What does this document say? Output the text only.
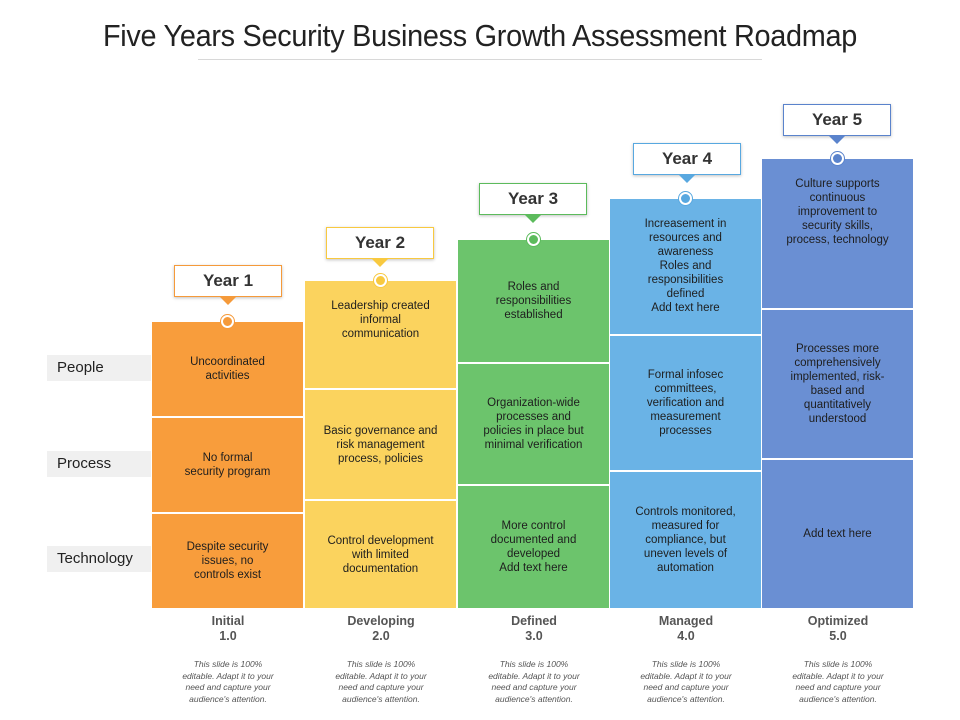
Five Years Security Business Growth Assessment Roadmap
People
Process
Technology
Uncoordinated
activities
No formal
security program
Despite security
issues, no
controls exist
Year 1
Initial
1.0
This slide is 100%
editable. Adapt it to your
need and capture your
audience's attention.
Leadership created
informal
communication
Basic governance and
risk management
process, policies
Control development
with limited
documentation
Year 2
Developing
2.0
This slide is 100%
editable. Adapt it to your
need and capture your
audience's attention.
Roles and
responsibilities
established
Organization-wide
processes and
policies in place but
minimal verification
More control
documented and
developed
Add text here
Year 3
Defined
3.0
This slide is 100%
editable. Adapt it to your
need and capture your
audience's attention.
Increasement in
resources and
awareness
Roles and
responsibilities
defined
Add text here
Formal infosec
committees,
verification and
measurement
processes
Controls monitored,
measured for
compliance, but
uneven levels of
automation
Year 4
Managed
4.0
This slide is 100%
editable. Adapt it to your
need and capture your
audience's attention.
Culture supports
continuous
improvement to
security skills,
process, technology
Processes more
comprehensively
implemented, risk-
based and
quantitatively
understood
Add text here
Year 5
Optimized
5.0
This slide is 100%
editable. Adapt it to your
need and capture your
audience's attention.
